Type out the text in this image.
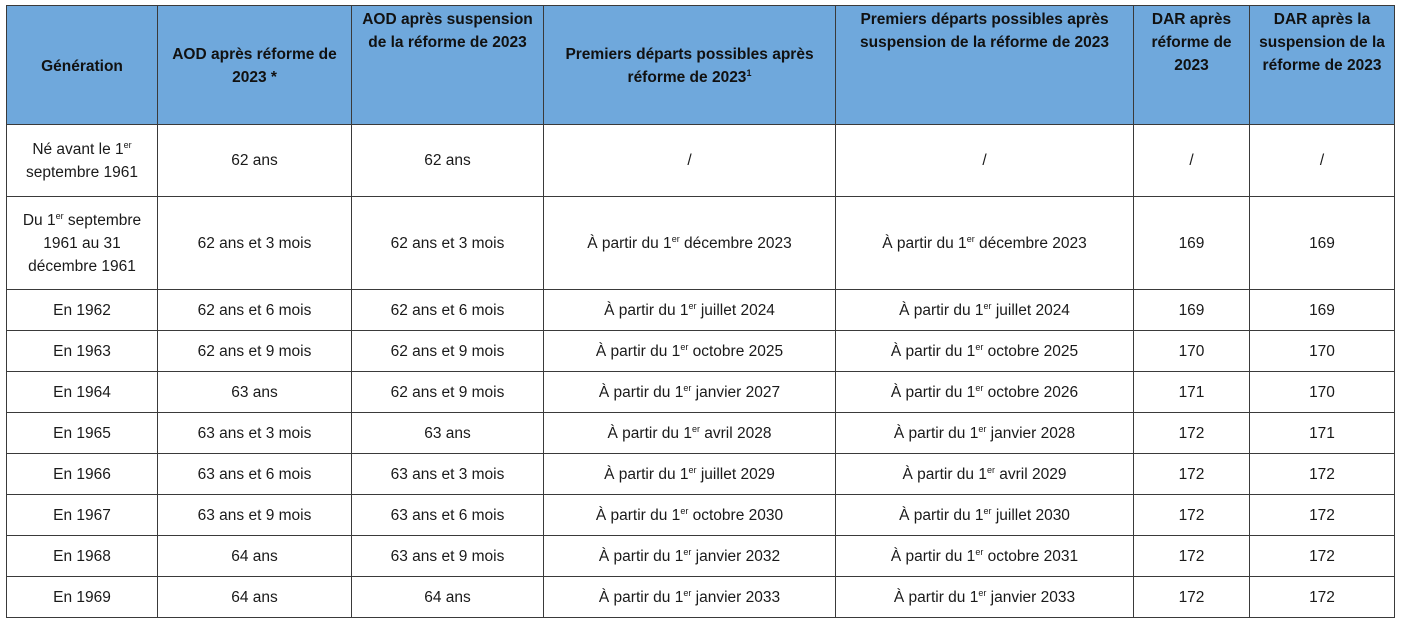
Génération	AOD après réforme de 2023 *	AOD après suspension de la réforme de 2023	Premiers départs possibles après réforme de 2023$^1$	Premiers départs possibles après suspension de la réforme de 2023	DAR après réforme de 2023	DAR après la suspension de la réforme de 2023
Né avant le 1er septembre 1961	62 ans	62 ans	/	/	/	/
Du 1er septembre 1961 au 31 décembre 1961	62 ans et 3 mois	62 ans et 3 mois	À partir du 1er décembre 2023	À partir du 1er décembre 2023	169	169
En 1962	62 ans et 6 mois	62 ans et 6 mois	À partir du 1er juillet 2024	À partir du 1er juillet 2024	169	169
En 1963	62 ans et 9 mois	62 ans et 9 mois	À partir du 1er octobre 2025	À partir du 1er octobre 2025	170	170
En 1964	63 ans	62 ans et 9 mois	À partir du 1er janvier 2027	À partir du 1er octobre 2026	171	170
En 1965	63 ans et 3 mois	63 ans	À partir du 1er avril 2028	À partir du 1er janvier 2028	172	171
En 1966	63 ans et 6 mois	63 ans et 3 mois	À partir du 1er juillet 2029	À partir du 1er avril 2029	172	172
En 1967	63 ans et 9 mois	63 ans et 6 mois	À partir du 1er octobre 2030	À partir du 1er juillet 2030	172	172
En 1968	64 ans	63 ans et 9 mois	À partir du 1er janvier 2032	À partir du 1er octobre 2031	172	172
En 1969	64 ans	64 ans	À partir du 1er janvier 2033	À partir du 1er janvier 2033	172	172
